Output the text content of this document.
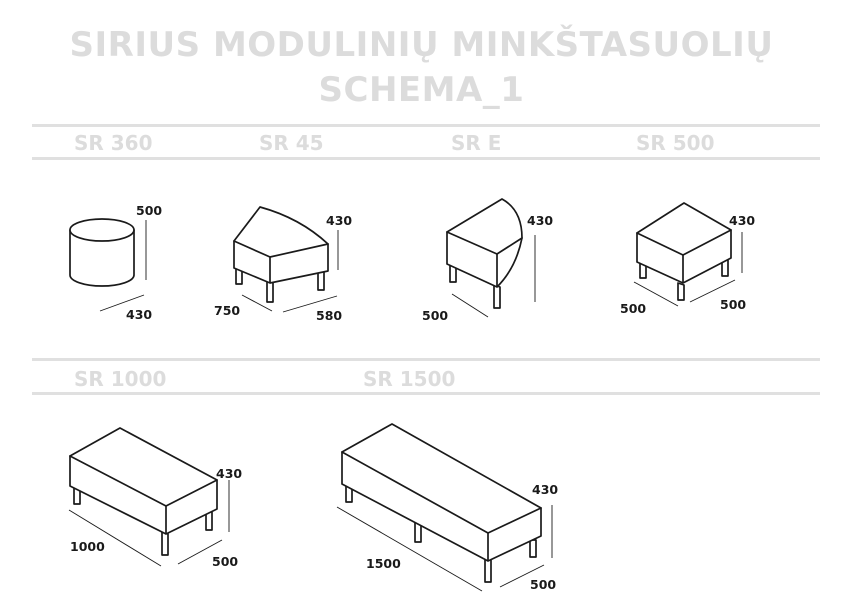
SIRIUS MODULINIŲ MINKŠTASUOLIŲ
SCHEMA_1
SR 360	SR 45	SR E	SR 500
SR 1000	SR 1500
500
430
430
750	580
430
500
430
500	500
430
1000
500
430
1500
500
